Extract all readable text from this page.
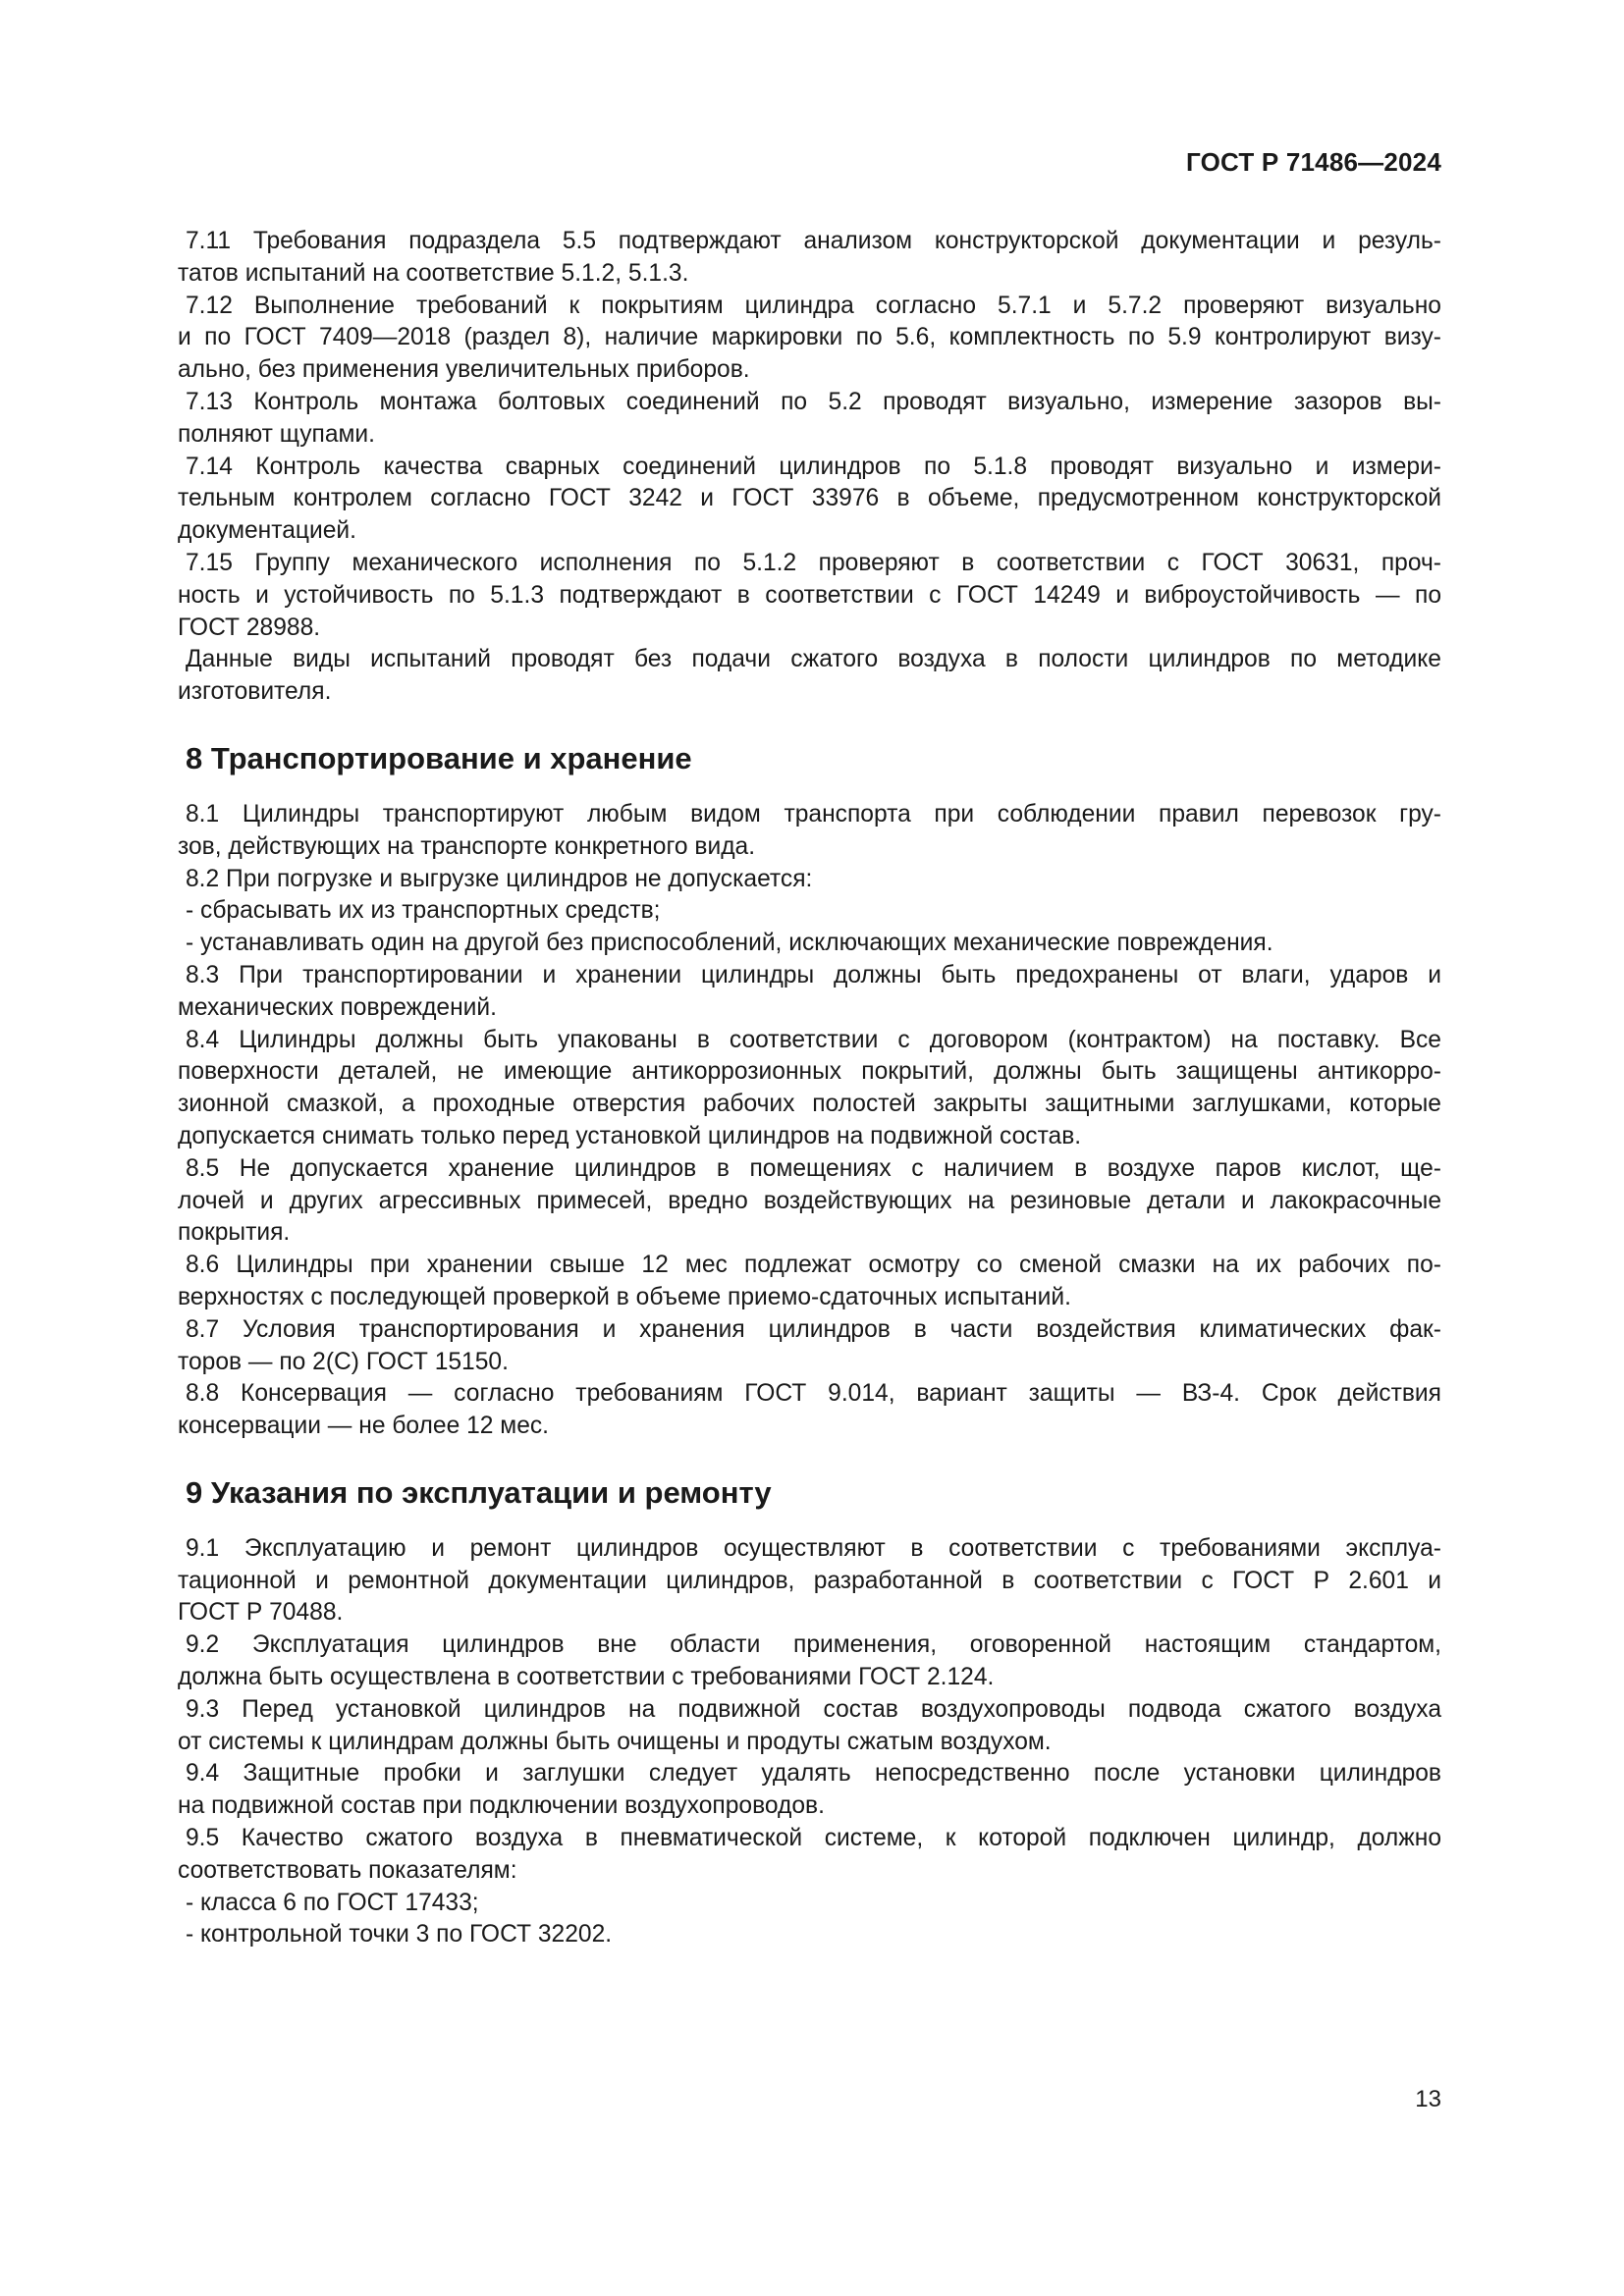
ГОСТ Р 71486—2024
7.11 Требования подраздела 5.5 подтверждают анализом конструкторской документации и резуль-
татов испытаний на соответствие 5.1.2, 5.1.3.
7.12 Выполнение требований к покрытиям цилиндра согласно 5.7.1 и 5.7.2 проверяют визуально
и по ГОСТ 7409—2018 (раздел 8), наличие маркировки по 5.6, комплектность по 5.9 контролируют визу-
ально, без применения увеличительных приборов.
7.13 Контроль монтажа болтовых соединений по 5.2 проводят визуально, измерение зазоров вы-
полняют щупами.
7.14 Контроль качества сварных соединений цилиндров по 5.1.8 проводят визуально и измери-
тельным контролем согласно ГОСТ 3242 и ГОСТ 33976 в объеме, предусмотренном конструкторской
документацией.
7.15 Группу механического исполнения по 5.1.2 проверяют в соответствии с ГОСТ 30631, проч-
ность и устойчивость по 5.1.3 подтверждают в соответствии с ГОСТ 14249 и виброустойчивость — по
ГОСТ 28988.
Данные виды испытаний проводят без подачи сжатого воздуха в полости цилиндров по методике
изготовителя.
8 Транспортирование и хранение
8.1 Цилиндры транспортируют любым видом транспорта при соблюдении правил перевозок гру-
зов, действующих на транспорте конкретного вида.
8.2 При погрузке и выгрузке цилиндров не допускается:
- сбрасывать их из транспортных средств;
- устанавливать один на другой без приспособлений, исключающих механические повреждения.
8.3 При транспортировании и хранении цилиндры должны быть предохранены от влаги, ударов и
механических повреждений.
8.4 Цилиндры должны быть упакованы в соответствии с договором (контрактом) на поставку. Все
поверхности деталей, не имеющие антикоррозионных покрытий, должны быть защищены антикорро-
зионной смазкой, а проходные отверстия рабочих полостей закрыты защитными заглушками, которые
допускается снимать только перед установкой цилиндров на подвижной состав.
8.5 Не допускается хранение цилиндров в помещениях с наличием в воздухе паров кислот, ще-
лочей и других агрессивных примесей, вредно воздействующих на резиновые детали и лакокрасочные
покрытия.
8.6 Цилиндры при хранении свыше 12 мес подлежат осмотру со сменой смазки на их рабочих по-
верхностях с последующей проверкой в объеме приемо-сдаточных испытаний.
8.7 Условия транспортирования и хранения цилиндров в части воздействия климатических фак-
торов — по 2(С) ГОСТ 15150.
8.8 Консервация — согласно требованиям ГОСТ 9.014, вариант защиты — ВЗ-4. Срок действия
консервации — не более 12 мес.
9 Указания по эксплуатации и ремонту
9.1 Эксплуатацию и ремонт цилиндров осуществляют в соответствии с требованиями эксплуа-
тационной и ремонтной документации цилиндров, разработанной в соответствии с ГОСТ Р 2.601 и
ГОСТ Р 70488.
9.2 Эксплуатация цилиндров вне области применения, оговоренной настоящим стандартом,
должна быть осуществлена в соответствии с требованиями ГОСТ 2.124.
9.3 Перед установкой цилиндров на подвижной состав воздухопроводы подвода сжатого воздуха
от системы к цилиндрам должны быть очищены и продуты сжатым воздухом.
9.4 Защитные пробки и заглушки следует удалять непосредственно после установки цилиндров
на подвижной состав при подключении воздухопроводов.
9.5 Качество сжатого воздуха в пневматической системе, к которой подключен цилиндр, должно
соответствовать показателям:
- класса 6 по ГОСТ 17433;
- контрольной точки 3 по ГОСТ 32202.
13
